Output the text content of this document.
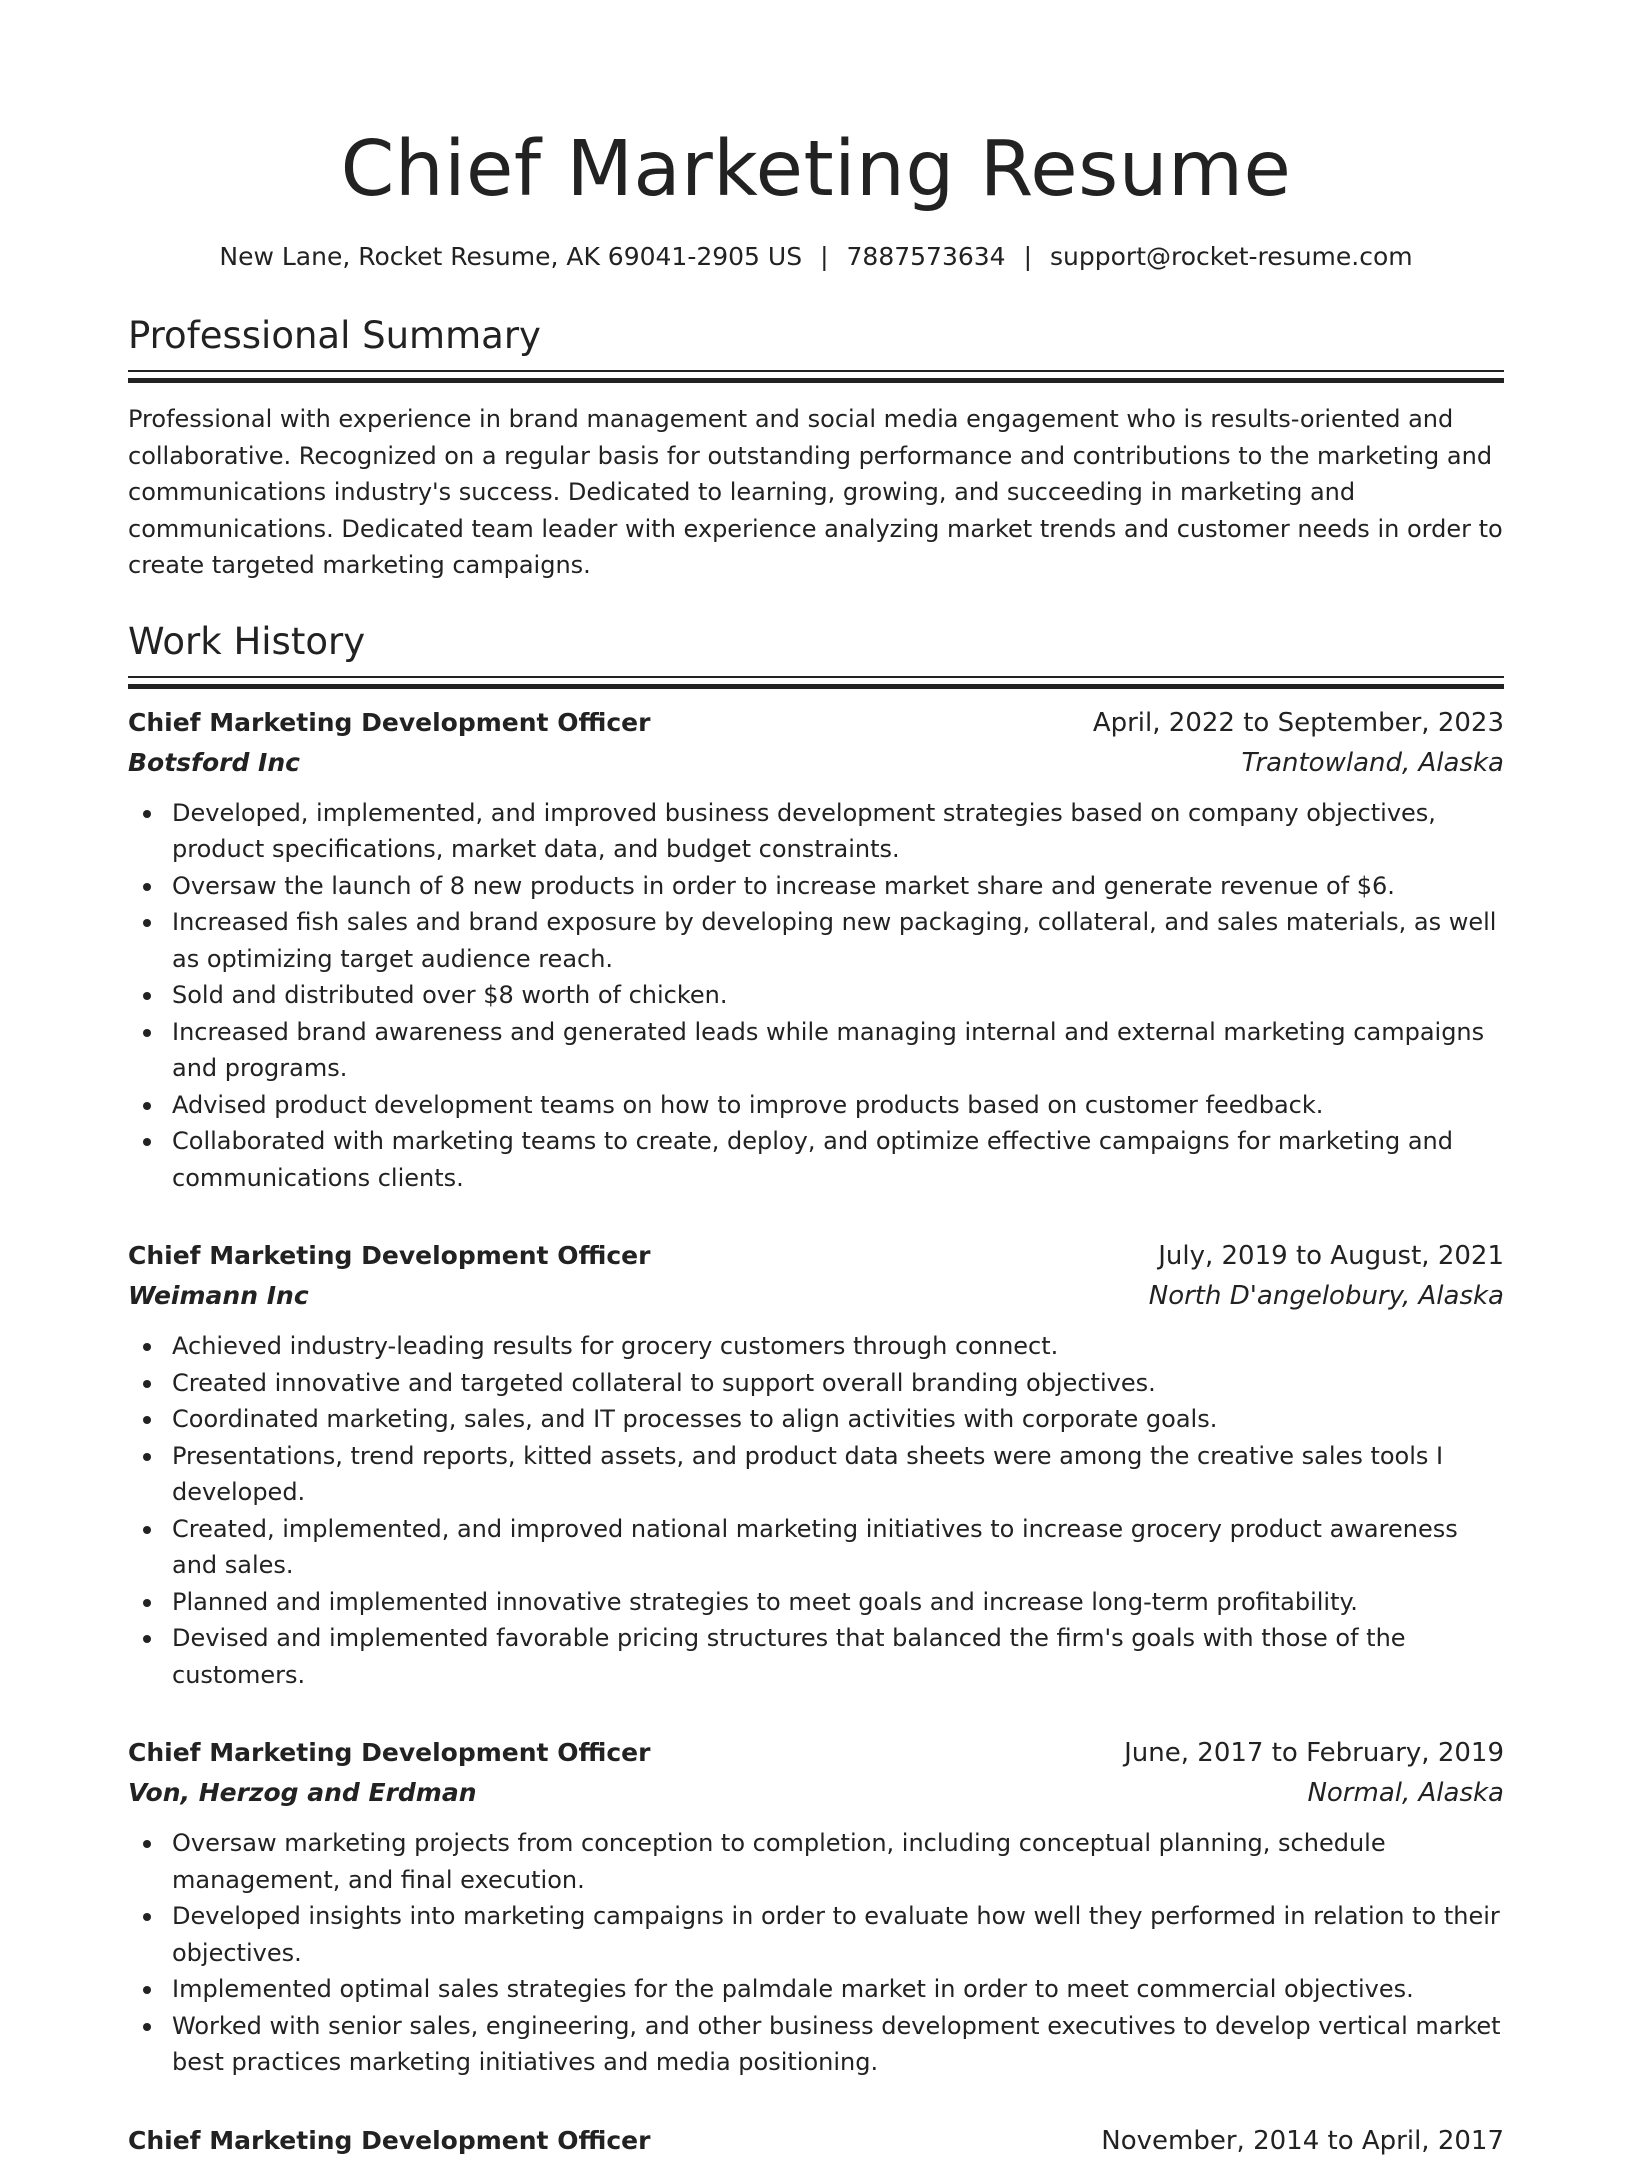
Chief Marketing Resume
New Lane, Rocket Resume, AK 69041-2905 US | 7887573634 | support@rocket-resume.com
Professional Summary

Professional with experience in brand management and social media engagement who is results-oriented and collaborative. Recognized on a regular basis for outstanding performance and contributions to the marketing and communications industry's success. Dedicated to learning, growing, and succeeding in marketing and communications. Dedicated team leader with experience analyzing market trends and customer needs in order to create targeted marketing campaigns.

Work History
Chief Marketing Development Officer	April, 2022 to September, 2023
Botsford Inc	Trantowland, Alaska
Developed, implemented, and improved business development strategies based on company objectives, product specifications, market data, and budget constraints.
Oversaw the launch of 8 new products in order to increase market share and generate revenue of $6.
Increased fish sales and brand exposure by developing new packaging, collateral, and sales materials, as well as optimizing target audience reach.
Sold and distributed over $8 worth of chicken.
Increased brand awareness and generated leads while managing internal and external marketing campaigns and programs.
Advised product development teams on how to improve products based on customer feedback.
Collaborated with marketing teams to create, deploy, and optimize effective campaigns for marketing and communications clients.
Chief Marketing Development Officer	July, 2019 to August, 2021
Weimann Inc	North D'angelobury, Alaska
Achieved industry-leading results for grocery customers through connect.
Created innovative and targeted collateral to support overall branding objectives.
Coordinated marketing, sales, and IT processes to align activities with corporate goals.
Presentations, trend reports, kitted assets, and product data sheets were among the creative sales tools I developed.
Created, implemented, and improved national marketing initiatives to increase grocery product awareness and sales.
Planned and implemented innovative strategies to meet goals and increase long-term profitability.
Devised and implemented favorable pricing structures that balanced the firm's goals with those of the customers.
Chief Marketing Development Officer	June, 2017 to February, 2019
Von, Herzog and Erdman	Normal, Alaska
Oversaw marketing projects from conception to completion, including conceptual planning, schedule management, and final execution.
Developed insights into marketing campaigns in order to evaluate how well they performed in relation to their objectives.
Implemented optimal sales strategies for the palmdale market in order to meet commercial objectives.
Worked with senior sales, engineering, and other business development executives to develop vertical market best practices marketing initiatives and media positioning.
Chief Marketing Development Officer	November, 2014 to April, 2017
